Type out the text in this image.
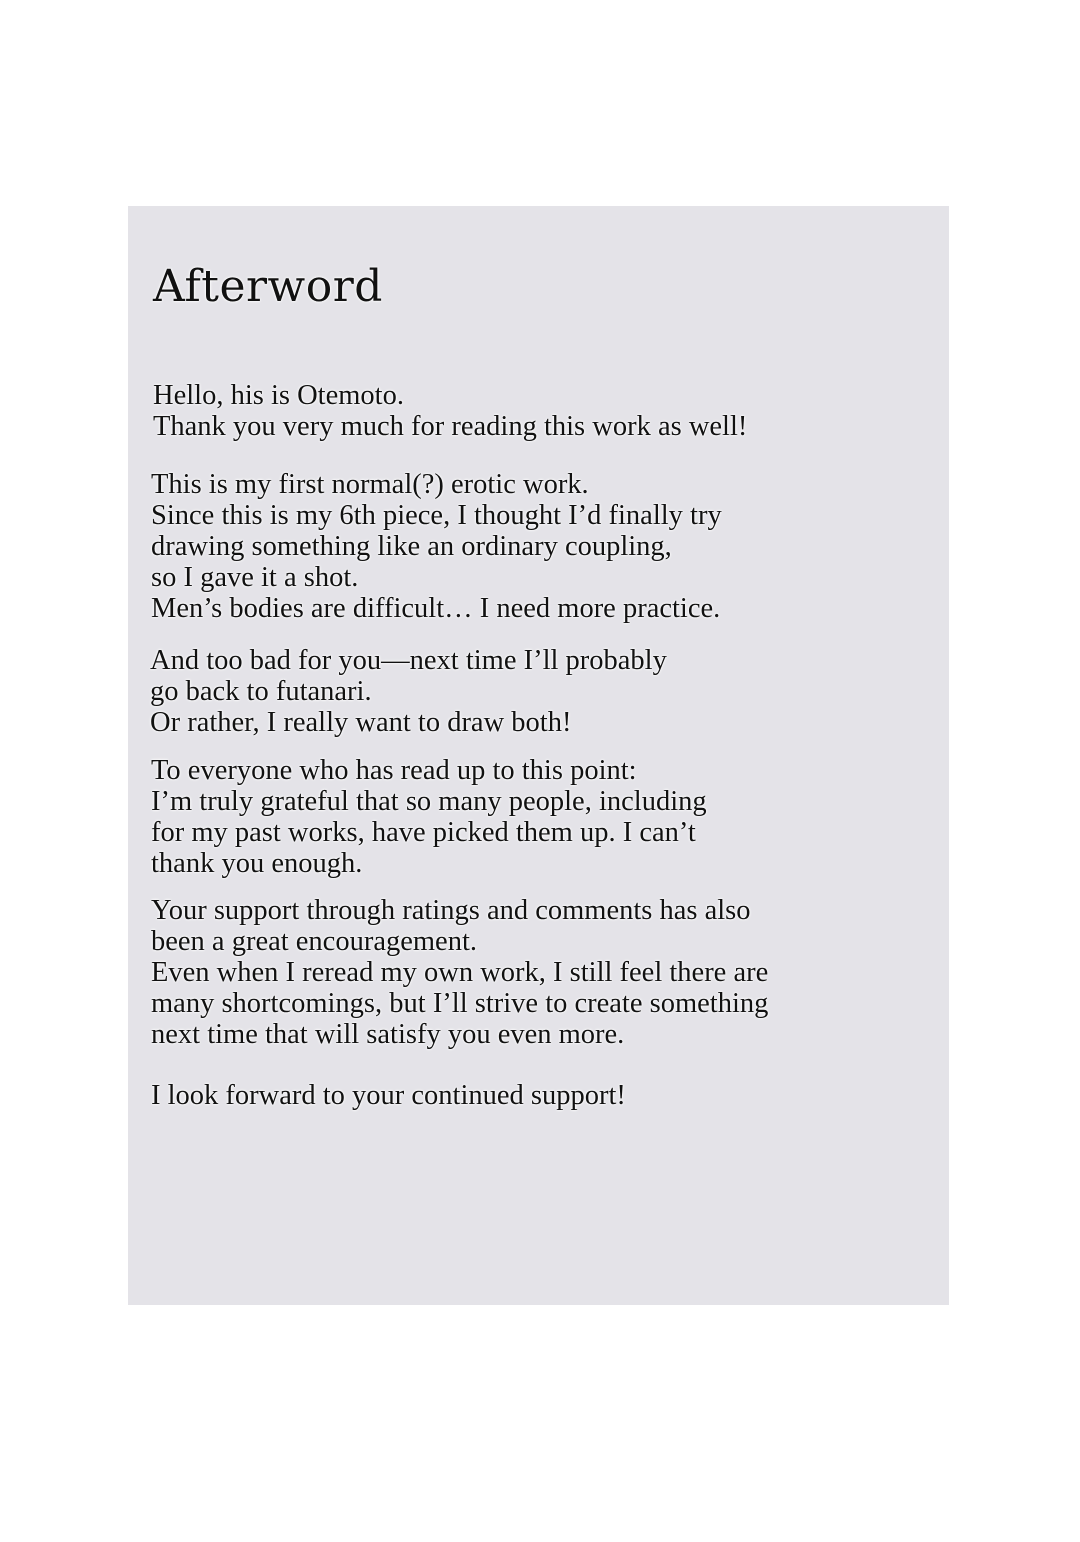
Afterword

Hello, his is Otemoto.
Thank you very much for reading this work as well!

This is my first normal(?) erotic work.
Since this is my 6th piece, I thought I’d finally try
drawing something like an ordinary coupling,
so I gave it a shot.
Men’s bodies are difficult… I need more practice.

And too bad for you—next time I’ll probably
go back to futanari.
Or rather, I really want to draw both!

To everyone who has read up to this point:
I’m truly grateful that so many people, including
for my past works, have picked them up. I can’t
thank you enough.

Your support through ratings and comments has also
been a great encouragement.
Even when I reread my own work, I still feel there are
many shortcomings, but I’ll strive to create something
next time that will satisfy you even more.

I look forward to your continued support!
